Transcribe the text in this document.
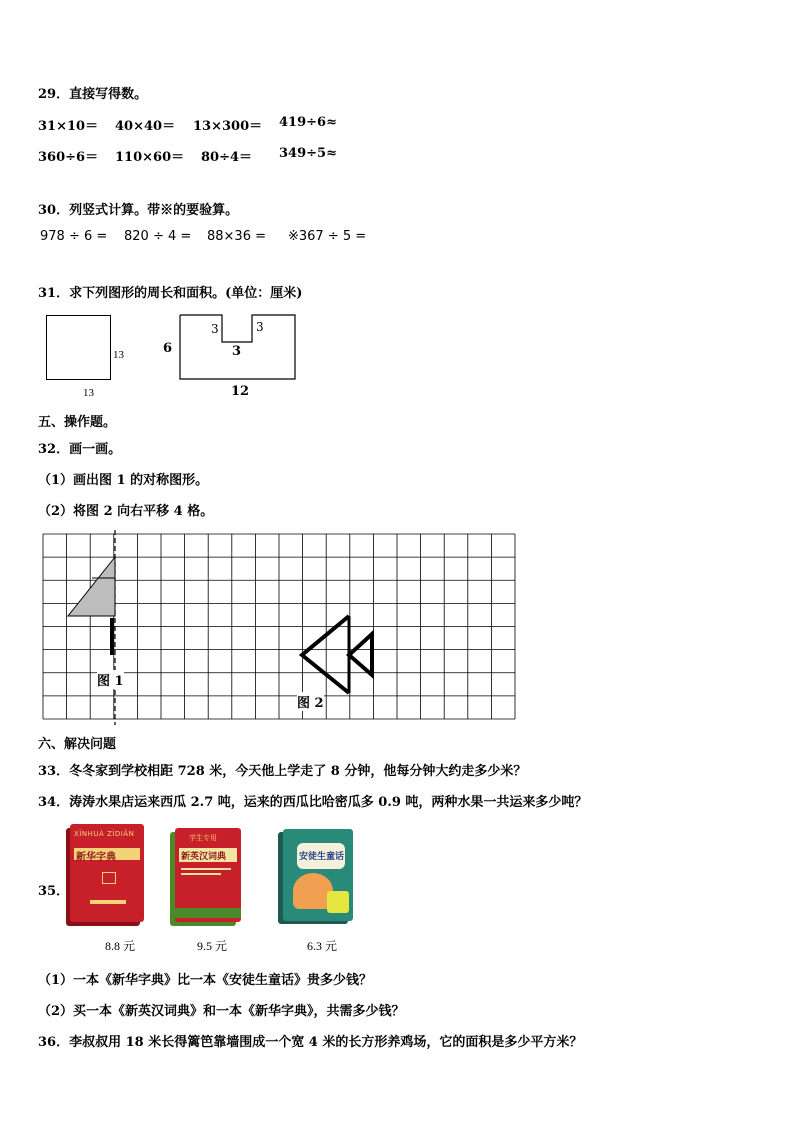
29．直接写得数。
31×10＝ 40×40＝ 13×300＝ 419÷6≈
360÷6＝ 110×60＝ 80÷4＝ 349÷5≈
30．列竖式计算。带※的要验算。
978 ÷ 6 = 820 ÷ 4 = 88×36 = ※367 ÷ 5 =
31．求下列图形的周长和面积。(单位：厘米)
13
13
6
3	3
3
12
五、操作题。
32．画一画。
（1）画出图 1 的对称图形。
（2）将图 2 向右平移 4 格。
图 1
图 2
六、解决问题
33．冬冬家到学校相距 728 米，今天他上学走了 8 分钟，他每分钟大约走多少米？
34．涛涛水果店运来西瓜 2.7 吨，运来的西瓜比哈密瓜多 0.9 吨，两种水果一共运来多少吨？
35．
XĪNHUÁ ZÌDIǍN
新华字典
8.8 元
学生专用
新英汉词典
9.5 元
安徒生童话
6.3 元
（1）一本《新华字典》比一本《安徒生童话》贵多少钱？
（2）买一本《新英汉词典》和一本《新华字典》，共需多少钱？
36．李叔叔用 18 米长得篱笆靠墙围成一个宽 4 米的长方形养鸡场，它的面积是多少平方米？
